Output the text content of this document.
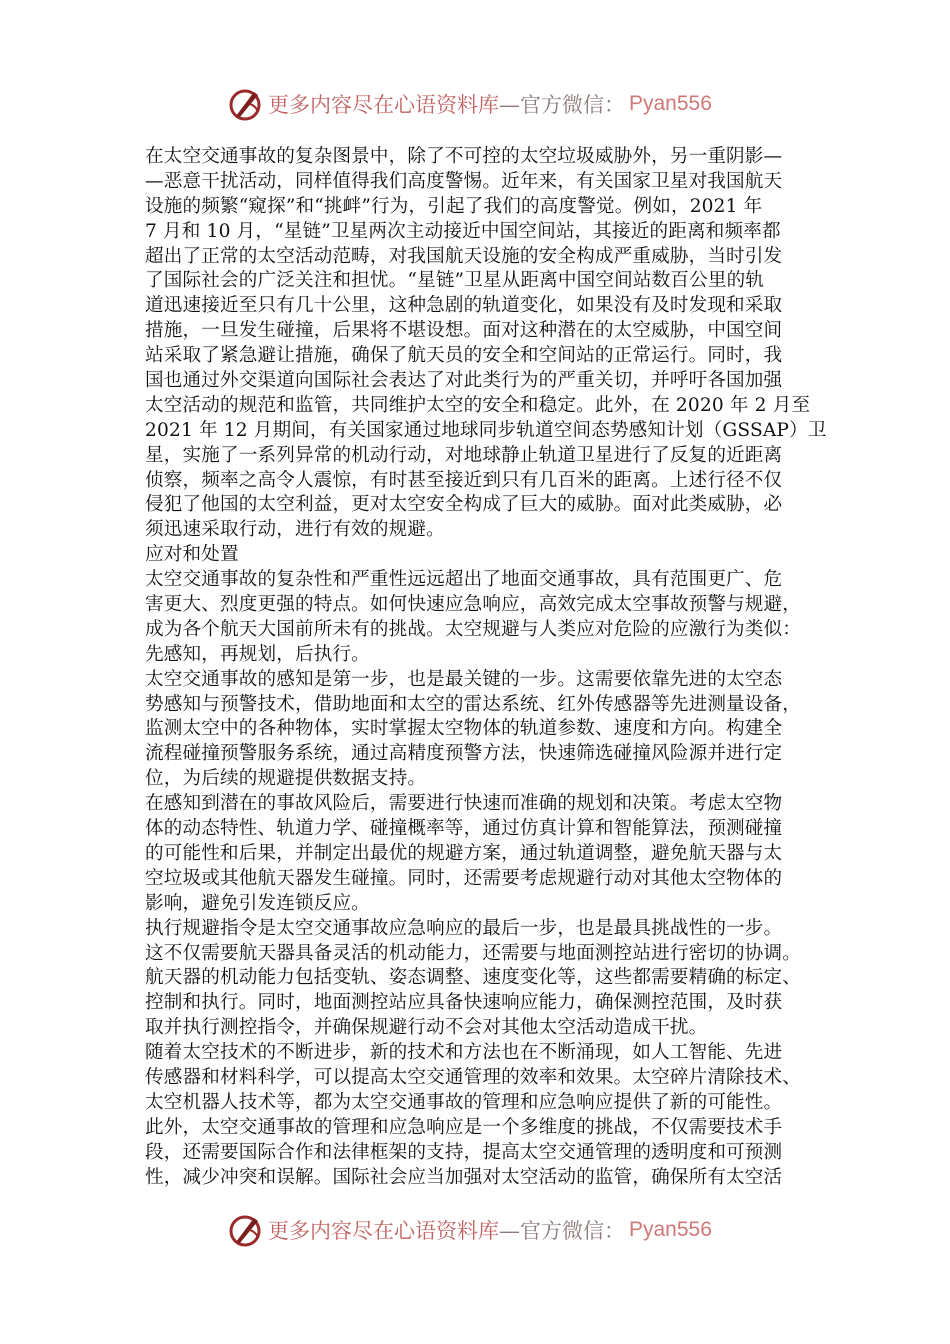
更多内容尽在心语资料库 —官方微信： Pyan556
在太空交通事故的复杂图景中，除了不可控的太空垃圾威胁外，另一重阴影—
—恶意干扰活动，同样值得我们高度警惕。近年来，有关国家卫星对我国航天
设施的频繁“窥探”和“挑衅”行为，引起了我们的高度警觉。例如，2021 年
7 月和 10 月，“星链”卫星两次主动接近中国空间站，其接近的距离和频率都
超出了正常的太空活动范畴，对我国航天设施的安全构成严重威胁，当时引发
了国际社会的广泛关注和担忧。“星链”卫星从距离中国空间站数百公里的轨
道迅速接近至只有几十公里，这种急剧的轨道变化，如果没有及时发现和采取
措施，一旦发生碰撞，后果将不堪设想。面对这种潜在的太空威胁，中国空间
站采取了紧急避让措施，确保了航天员的安全和空间站的正常运行。同时，我
国也通过外交渠道向国际社会表达了对此类行为的严重关切，并呼吁各国加强
太空活动的规范和监管，共同维护太空的安全和稳定。此外，在 2020 年 2 月至
2021 年 12 月期间，有关国家通过地球同步轨道空间态势感知计划（GSSAP）卫
星，实施了一系列异常的机动行动，对地球静止轨道卫星进行了反复的近距离
侦察，频率之高令人震惊，有时甚至接近到只有几百米的距离。上述行径不仅
侵犯了他国的太空利益，更对太空安全构成了巨大的威胁。面对此类威胁，必
须迅速采取行动，进行有效的规避。
应对和处置
太空交通事故的复杂性和严重性远远超出了地面交通事故，具有范围更广、危
害更大、烈度更强的特点。如何快速应急响应，高效完成太空事故预警与规避，
成为各个航天大国前所未有的挑战。太空规避与人类应对危险的应激行为类似：
先感知，再规划，后执行。
太空交通事故的感知是第一步，也是最关键的一步。这需要依靠先进的太空态
势感知与预警技术，借助地面和太空的雷达系统、红外传感器等先进测量设备，
监测太空中的各种物体，实时掌握太空物体的轨道参数、速度和方向。构建全
流程碰撞预警服务系统，通过高精度预警方法，快速筛选碰撞风险源并进行定
位，为后续的规避提供数据支持。
在感知到潜在的事故风险后，需要进行快速而准确的规划和决策。考虑太空物
体的动态特性、轨道力学、碰撞概率等，通过仿真计算和智能算法，预测碰撞
的可能性和后果，并制定出最优的规避方案，通过轨道调整，避免航天器与太
空垃圾或其他航天器发生碰撞。同时，还需要考虑规避行动对其他太空物体的
影响，避免引发连锁反应。
执行规避指令是太空交通事故应急响应的最后一步，也是最具挑战性的一步。
这不仅需要航天器具备灵活的机动能力，还需要与地面测控站进行密切的协调。
航天器的机动能力包括变轨、姿态调整、速度变化等，这些都需要精确的标定、
控制和执行。同时，地面测控站应具备快速响应能力，确保测控范围，及时获
取并执行测控指令，并确保规避行动不会对其他太空活动造成干扰。
随着太空技术的不断进步，新的技术和方法也在不断涌现，如人工智能、先进
传感器和材料科学，可以提高太空交通管理的效率和效果。太空碎片清除技术、
太空机器人技术等，都为太空交通事故的管理和应急响应提供了新的可能性。
此外，太空交通事故的管理和应急响应是一个多维度的挑战，不仅需要技术手
段，还需要国际合作和法律框架的支持，提高太空交通管理的透明度和可预测
性，减少冲突和误解。国际社会应当加强对太空活动的监管，确保所有太空活
更多内容尽在心语资料库 —官方微信： Pyan556
